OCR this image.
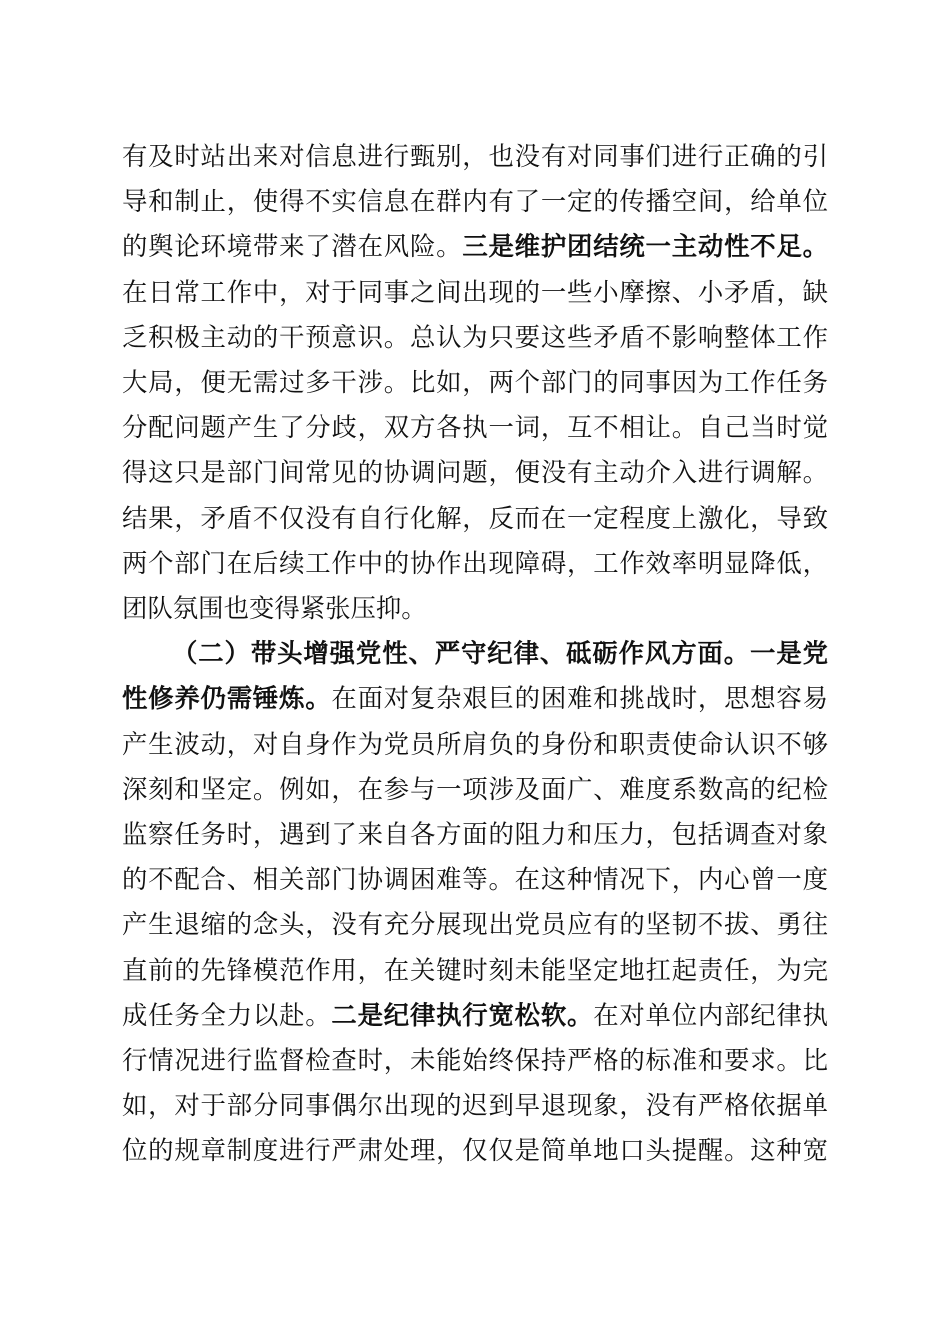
有及时站出来对信息进行甄别，也没有对同事们进行正确的引
导和制止，使得不实信息在群内有了一定的传播空间，给单位
的舆论环境带来了潜在风险。三是维护团结统一主动性不足。
在日常工作中，对于同事之间出现的一些小摩擦、小矛盾，缺
乏积极主动的干预意识。总认为只要这些矛盾不影响整体工作
大局，便无需过多干涉。比如，两个部门的同事因为工作任务
分配问题产生了分歧，双方各执一词，互不相让。自己当时觉
得这只是部门间常见的协调问题，便没有主动介入进行调解。
结果，矛盾不仅没有自行化解，反而在一定程度上激化，导致
两个部门在后续工作中的协作出现障碍，工作效率明显降低，
团队氛围也变得紧张压抑。
（二）带头增强党性、严守纪律、砥砺作风方面。一是党
性修养仍需锤炼。在面对复杂艰巨的困难和挑战时，思想容易
产生波动，对自身作为党员所肩负的身份和职责使命认识不够
深刻和坚定。例如，在参与一项涉及面广、难度系数高的纪检
监察任务时，遇到了来自各方面的阻力和压力，包括调查对象
的不配合、相关部门协调困难等。在这种情况下，内心曾一度
产生退缩的念头，没有充分展现出党员应有的坚韧不拔、勇往
直前的先锋模范作用，在关键时刻未能坚定地扛起责任，为完
成任务全力以赴。二是纪律执行宽松软。在对单位内部纪律执
行情况进行监督检查时，未能始终保持严格的标准和要求。比
如，对于部分同事偶尔出现的迟到早退现象，没有严格依据单
位的规章制度进行严肃处理，仅仅是简单地口头提醒。这种宽
